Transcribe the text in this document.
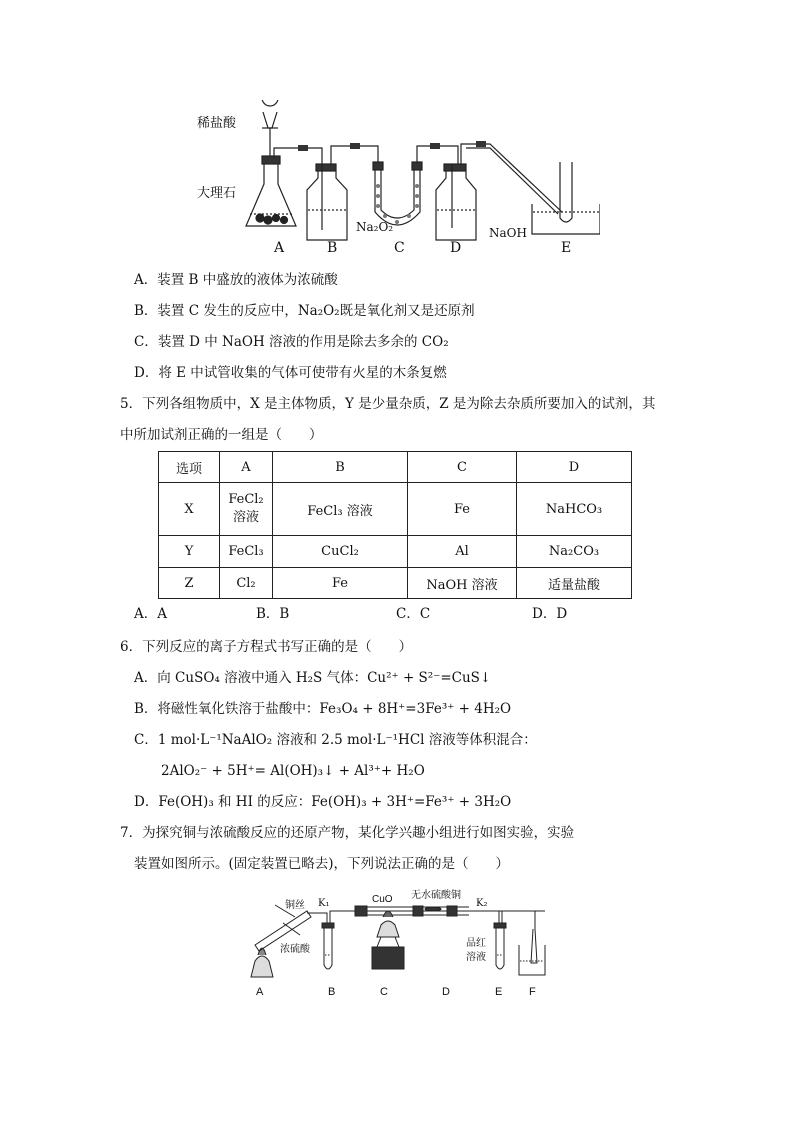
稀盐酸
大理石
Na₂O₂	NaOH
A	B	C	D	E
A．装置 B 中盛放的液体为浓硫酸
B．装置 C 发生的反应中，Na₂O₂既是氧化剂又是还原剂
C．装置 D 中 NaOH 溶液的作用是除去多余的 CO₂
D．将 E 中试管收集的气体可使带有火星的木条复燃
5．下列各组物质中，X 是主体物质，Y 是少量杂质，Z 是为除去杂质所要加入的试剂，其
中所加试剂正确的一组是（　　）
选项	A	B	C	D
X	FeCl₂ 溶液	FeCl₃ 溶液	Fe	NaHCO₃
Y	FeCl₃	CuCl₂	Al	Na₂CO₃
Z	Cl₂	Fe	NaOH 溶液	适量盐酸
A．A	B．B	C．C	D．D
6．下列反应的离子方程式书写正确的是（　　）
A．向 CuSO₄ 溶液中通入 H₂S 气体：Cu²⁺ + S²⁻=CuS↓
B．将磁性氧化铁溶于盐酸中：Fe₃O₄ + 8H⁺=3Fe³⁺ + 4H₂O
C．1 mol·L⁻¹NaAlO₂ 溶液和 2.5 mol·L⁻¹HCl 溶液等体积混合：
2AlO₂⁻ + 5H⁺= Al(OH)₃↓ + Al³⁺+ H₂O
D．Fe(OH)₃ 和 HI 的反应：Fe(OH)₃ + 3H⁺=Fe³⁺ + 3H₂O
7．为探究铜与浓硫酸反应的还原产物，某化学兴趣小组进行如图实验，实验
装置如图所示。(固定装置已略去)，下列说法正确的是（　　）
铜丝 K₁	CuO 无水硫酸铜
K₂
浓硫酸
品红
溶液
A	B	C	D	E F
